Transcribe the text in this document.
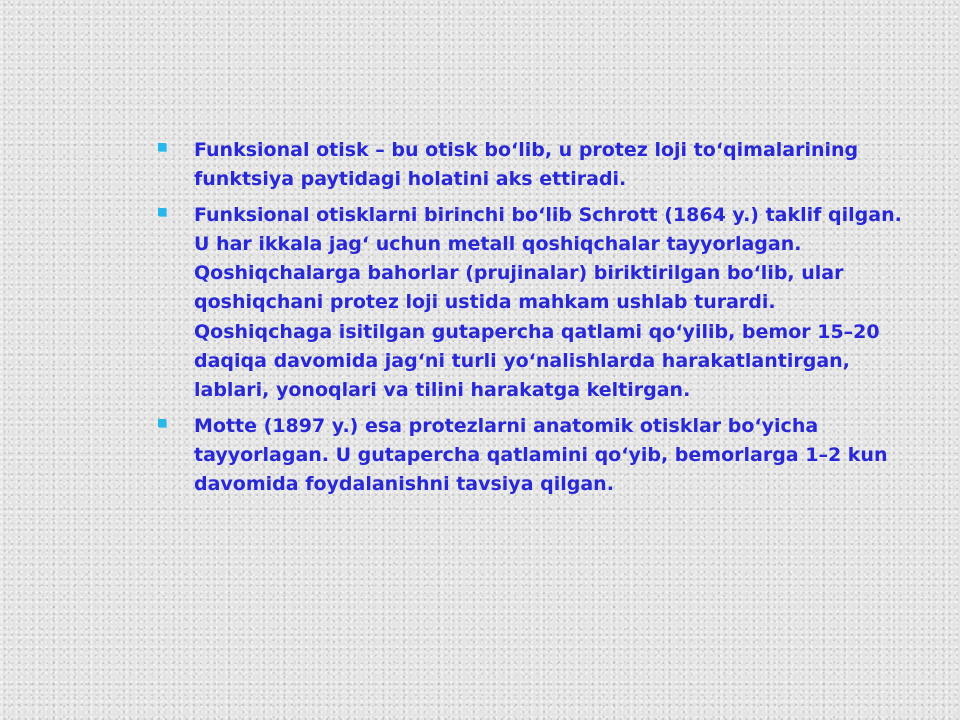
Funksional otisk – bu otisk bo‘lib, u protez loji to‘qimalarining funktsiya paytidagi holatini aks ettiradi.
Funksional otisklarni birinchi bo‘lib Schrott (1864 y.) taklif qilgan. U har ikkala jag‘ uchun metall qoshiqchalar tayyorlagan. Qoshiqchalarga bahorlar (prujinalar) biriktirilgan bo‘lib, ular qoshiqchani protez loji ustida mahkam ushlab turardi. Qoshiqchaga isitilgan gutapercha qatlami qo‘yilib, bemor 15–20 daqiqa davomida jag‘ni turli yo‘nalishlarda harakatlantirgan, lablari, yonoqlari va tilini harakatga keltirgan.
Motte (1897 y.) esa protezlarni anatomik otisklar bo‘yicha tayyorlagan. U gutapercha qatlamini qo‘yib, bemorlarga 1–2 kun davomida foydalanishni tavsiya qilgan.
